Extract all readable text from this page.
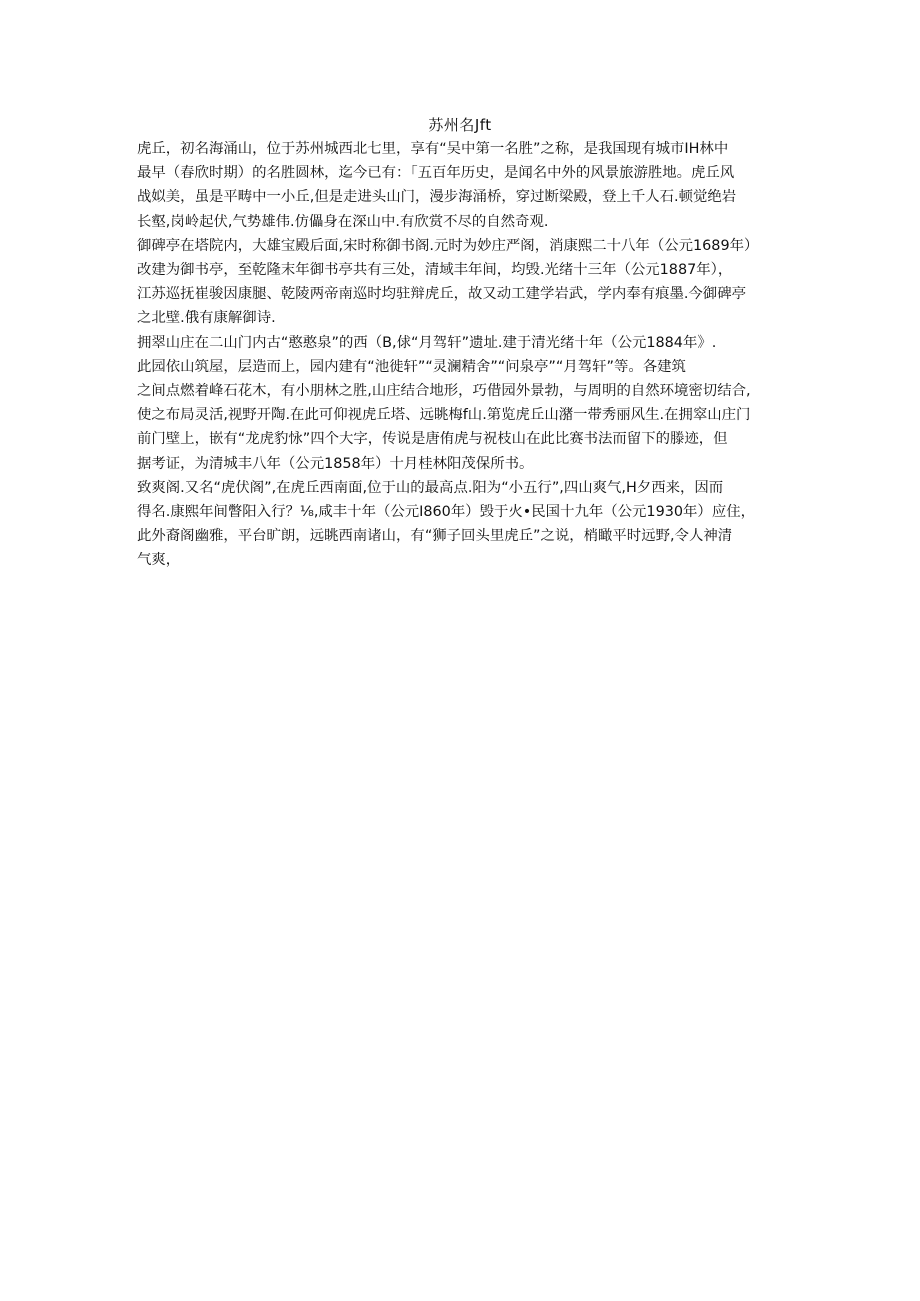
苏州名Jft
虎丘，初名海涌山，位于苏州城西北七里，享有“吴中第一名胜”之称，是我国现有城市IH林中
最早（春欣时期）的名胜圆林，迄今已有：「五百年历史，是闻名中外的风景旅游胜地。虎丘风
战姒美，虽是平畴中一小丘,但是走进头山门，漫步海涌桥，穿过断梁殿，登上千人石.顿觉绝岩
长壑,岗岭起伏,气势雄伟.仿儡身在深山中.有欣赏不尽的自然奇观.
御碑亭在塔院内，大雄宝殿后面,宋时称御书阁.元时为妙庄严阁，消康熙二十八年（公元1689年）
改建为御书亭，至乾隆末年御书亭共有三处，清域丰年间，均毁.光绪十三年（公元1887年），
江苏巡抚崔骏因康腿、乾陵两帝南巡时均驻辩虎丘，故又动工建学岩武，学内奉有痕墨.今御碑亭
之北壁.俄有康解御诗.
拥翠山庄在二山门内古“憨憨泉”的西（B,俅“月驾轩”遗址.建于清光绪十年（公元1884年》.
此园依山筑屋，层造而上，园内建有“池徙轩”“灵澜精舍”“问泉亭”“月驾轩”等。各建筑
之间点燃着峰石花木，有小朋林之胜,山庄结合地形，巧借园外景勃，与周明的自然环境密切结合,
使之布局灵活,视野开陶.在此可仰视虎丘塔、远眺梅f山.第览虎丘山潴一带秀丽风生.在拥窣山庄门
前门壁上，嵌有“龙虎豹怺”四个大字，传说是唐侑虎与祝枝山在此比赛书法而留下的滕迹，但
据考证，为清城丰八年（公元1858年）十月桂林阳茂保所书。
致爽阁.又名“虎伏阁”,在虎丘西南面,位于山的最高点.阳为“小五行”,四山爽气,H夕西来，因而
得名.康熙年间瞥阳入行？⅛,咸丰十年（公元I860年）毁于火•民国十九年（公元1930年）应住，
此外裔阁幽雅，平台旷朗，远眺西南诸山，有“狮子回头里虎丘”之说，梢瞰平时远野,令人神清
气爽，
